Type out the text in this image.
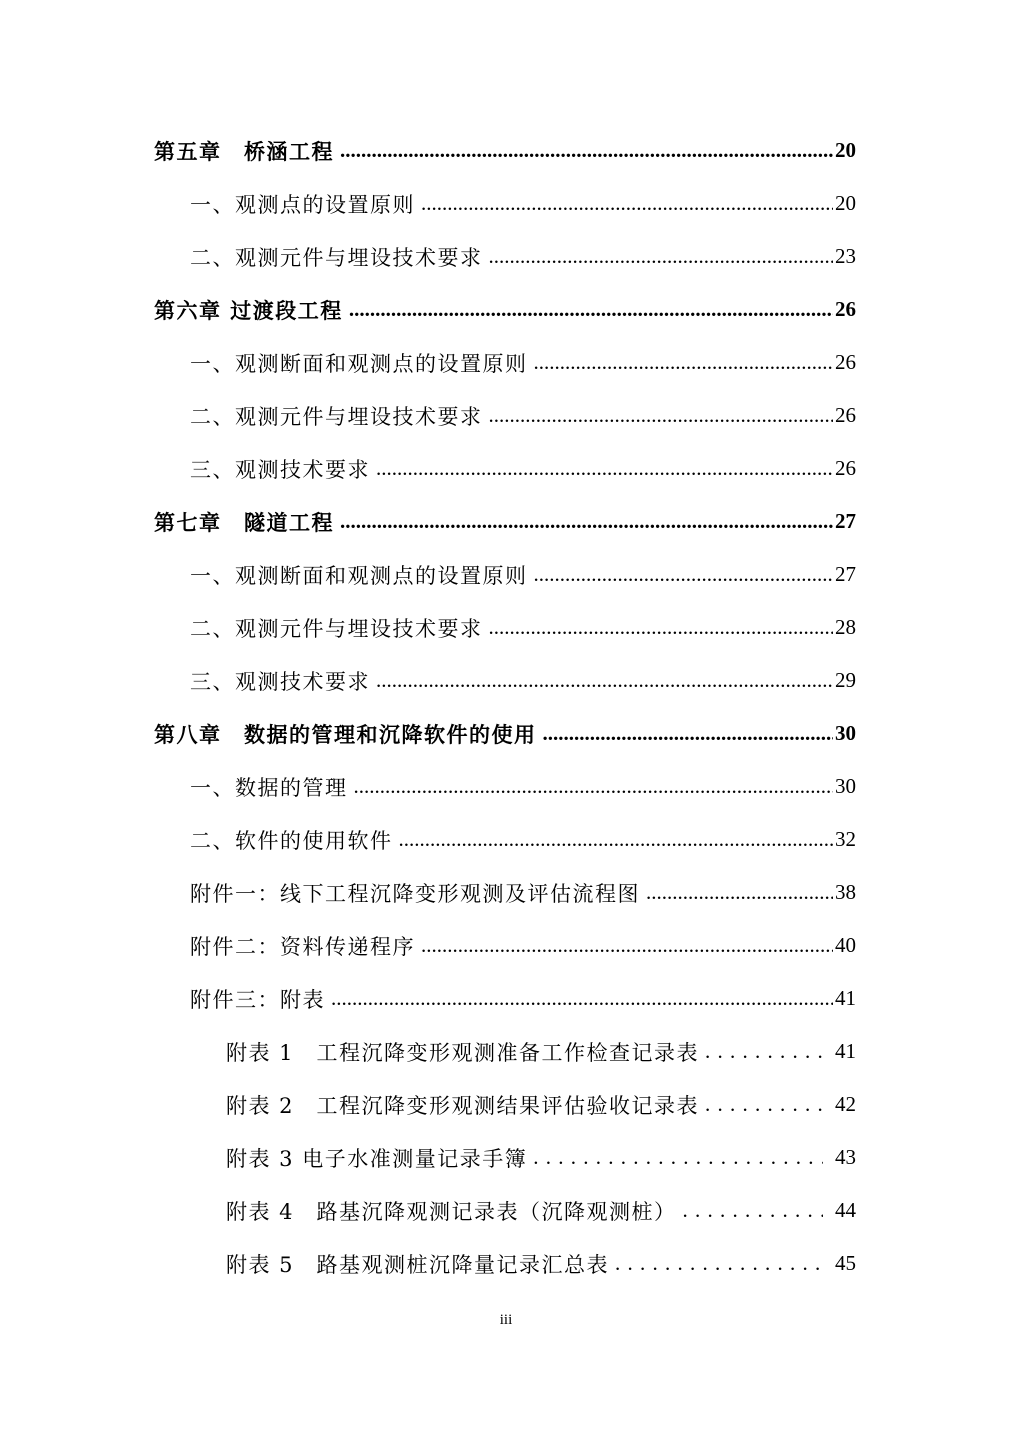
第五章　桥涵工程 .....	20
一、观测点的设置原则 .....	20
二、观测元件与埋设技术要求 .....	23
第六章 过渡段工程 .....	26
一、观测断面和观测点的设置原则 .....	26
二、观测元件与埋设技术要求 .....	26
三、观测技术要求 .....	26
第七章　隧道工程 .....	27
一、观测断面和观测点的设置原则 .....	27
二、观测元件与埋设技术要求 .....	28
三、观测技术要求 .....	29
第八章　数据的管理和沉降软件的使用 .....	30
一、数据的管理 .....	30
二、软件的使用软件 .....	32
附件一：线下工程沉降变形观测及评估流程图 .....	38
附件二：资料传递程序 .....	40
附件三：附表 .....	41
附表 1　工程沉降变形观测准备工作检查记录表 . . .	41
附表 2　工程沉降变形观测结果评估验收记录表 . . .	42
附表 3 电子水准测量记录手簿 . . .	43
附表 4　路基沉降观测记录表（沉降观测桩） . . .	44
附表 5　路基观测桩沉降量记录汇总表 . . .	45
iii
